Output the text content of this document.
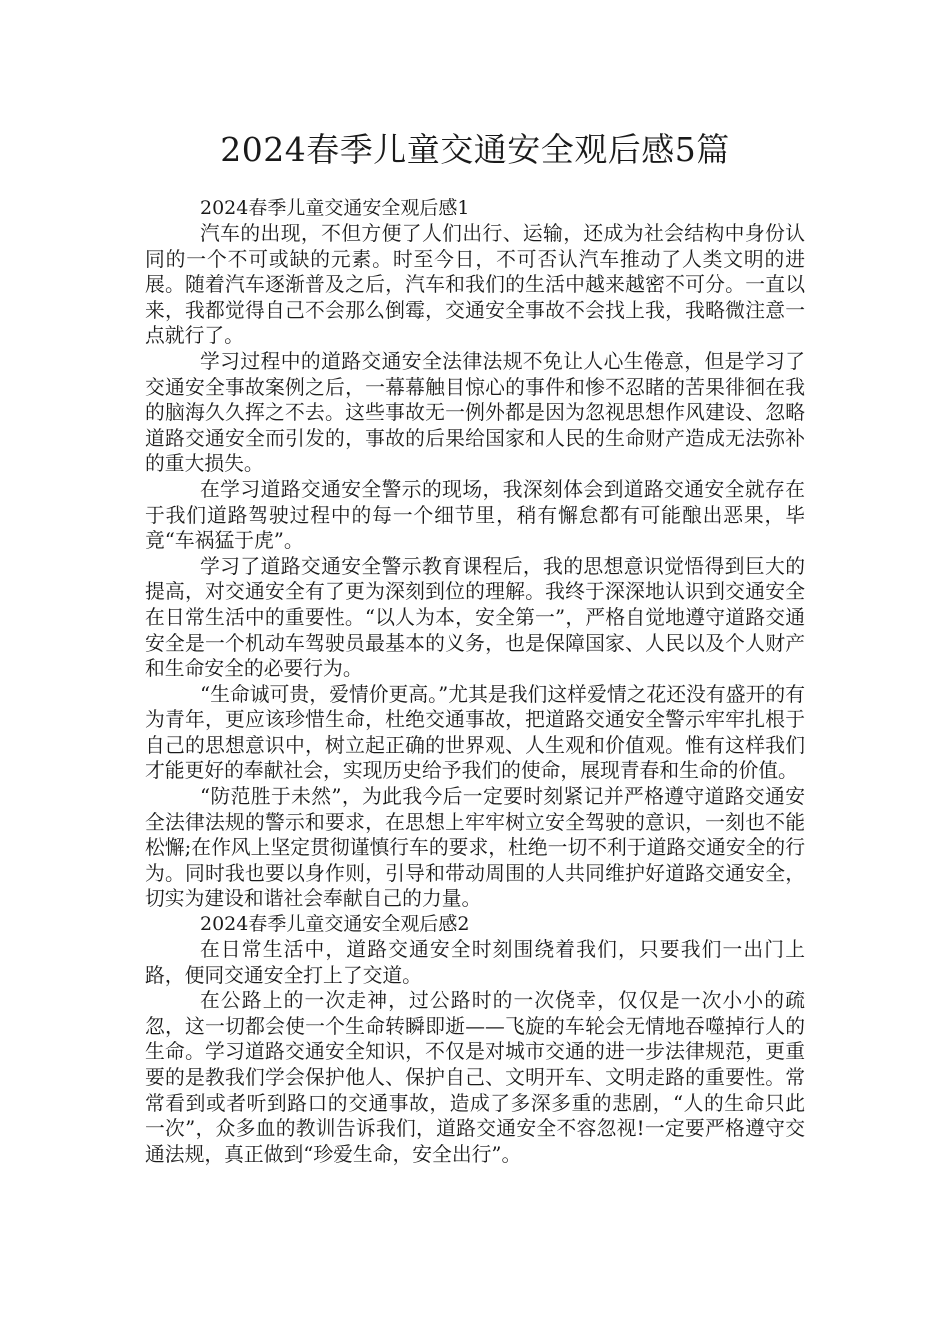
2024春季儿童交通安全观后感5篇

2024春季儿童交通安全观后感1

汽车的出现，不但方便了人们出行、运输，还成为社会结构中身份认同的一个不可或缺的元素。时至今日，不可否认汽车推动了人类文明的进展。随着汽车逐渐普及之后，汽车和我们的生活中越来越密不可分。一直以来，我都觉得自己不会那么倒霉，交通安全事故不会找上我，我略微注意一点就行了。

学习过程中的道路交通安全法律法规不免让人心生倦意，但是学习了交通安全事故案例之后，一幕幕触目惊心的事件和惨不忍睹的苦果徘徊在我的脑海久久挥之不去。这些事故无一例外都是因为忽视思想作风建设、忽略道路交通安全而引发的，事故的后果给国家和人民的生命财产造成无法弥补的重大损失。

在学习道路交通安全警示的现场，我深刻体会到道路交通安全就存在于我们道路驾驶过程中的每一个细节里，稍有懈怠都有可能酿出恶果，毕竟“车祸猛于虎”。

学习了道路交通安全警示教育课程后，我的思想意识觉悟得到巨大的提高，对交通安全有了更为深刻到位的理解。我终于深深地认识到交通安全在日常生活中的重要性。“以人为本，安全第一”，严格自觉地遵守道路交通安全是一个机动车驾驶员最基本的义务，也是保障国家、人民以及个人财产和生命安全的必要行为。

“生命诚可贵，爱情价更高。”尤其是我们这样爱情之花还没有盛开的有为青年，更应该珍惜生命，杜绝交通事故，把道路交通安全警示牢牢扎根于自己的思想意识中，树立起正确的世界观、人生观和价值观。惟有这样我们才能更好的奉献社会，实现历史给予我们的使命，展现青春和生命的价值。

“防范胜于未然”，为此我今后一定要时刻紧记并严格遵守道路交通安全法律法规的警示和要求，在思想上牢牢树立安全驾驶的意识，一刻也不能松懈;在作风上坚定贯彻谨慎行车的要求，杜绝一切不利于道路交通安全的行为。同时我也要以身作则，引导和带动周围的人共同维护好道路交通安全，切实为建设和谐社会奉献自己的力量。

2024春季儿童交通安全观后感2

在日常生活中，道路交通安全时刻围绕着我们，只要我们一出门上路，便同交通安全打上了交道。

在公路上的一次走神，过公路时的一次侥幸，仅仅是一次小小的疏忽，这一切都会使一个生命转瞬即逝——飞旋的车轮会无情地吞噬掉行人的生命。学习道路交通安全知识，不仅是对城市交通的进一步法律规范，更重要的是教我们学会保护他人、保护自己、文明开车、文明走路的重要性。常常看到或者听到路口的交通事故，造成了多深多重的悲剧，“人的生命只此一次”，众多血的教训告诉我们，道路交通安全不容忽视!一定要严格遵守交通法规，真正做到“珍爱生命，安全出行”。
